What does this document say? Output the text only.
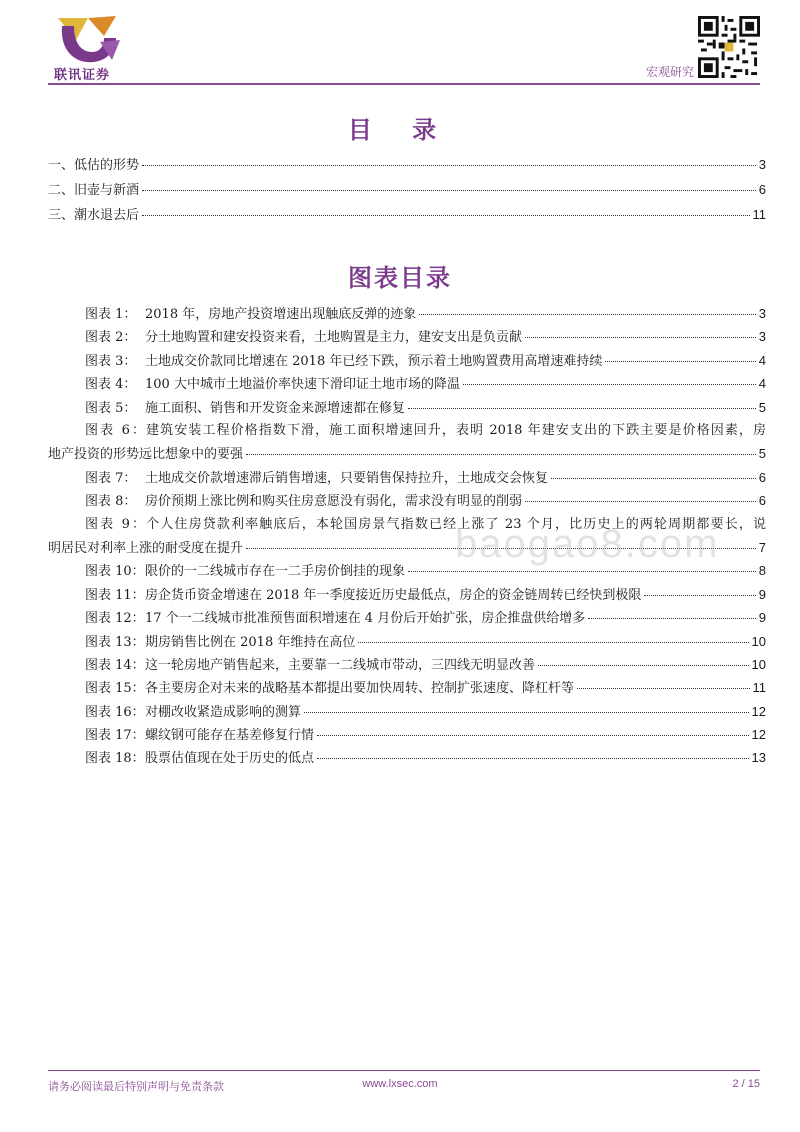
联讯证券	宏观研究
目 录
一、低估的形势	3
二、旧壶与新酒	6
三、潮水退去后	11
图表目录
图表 1： 2018 年，房地产投资增速出现触底反弹的迹象	3
图表 2： 分土地购置和建安投资来看，土地购置是主力，建安支出是负贡献	3
图表 3： 土地成交价款同比增速在 2018 年已经下跌，预示着土地购置费用高增速难持续	4
图表 4： 100 大中城市土地溢价率快速下滑印证土地市场的降温	4
图表 5： 施工面积、销售和开发资金来源增速都在修复	5
图表 6：建筑安装工程价格指数下滑，施工面积增速回升，表明 2018 年建安支出的下跌主要是价格因素，房
地产投资的形势远比想象中的要强	5
图表 7： 土地成交价款增速滞后销售增速，只要销售保持拉升，土地成交会恢复	6
图表 8： 房价预期上涨比例和购买住房意愿没有弱化，需求没有明显的削弱	6
图表 9：个人住房贷款利率触底后，本轮国房景气指数已经上涨了 23 个月，比历史上的两轮周期都要长，说
明居民对利率上涨的耐受度在提升	7
图表 10：限价的一二线城市存在一二手房价倒挂的现象	8
图表 11：房企货币资金增速在 2018 年一季度接近历史最低点，房企的资金链周转已经快到极限	9
图表 12：17 个一二线城市批准预售面积增速在 4 月份后开始扩张，房企推盘供给增多	9
图表 13：期房销售比例在 2018 年维持在高位	10
图表 14：这一轮房地产销售起来，主要靠一二线城市带动，三四线无明显改善	10
图表 15：各主要房企对未来的战略基本都提出要加快周转、控制扩张速度、降杠杆等	11
图表 16：对棚改收紧造成影响的测算	12
图表 17：螺纹钢可能存在基差修复行情	12
图表 18：股票估值现在处于历史的低点	13
baogao8.com
请务必阅读最后特别声明与免责条款	www.lxsec.com	2 / 15
